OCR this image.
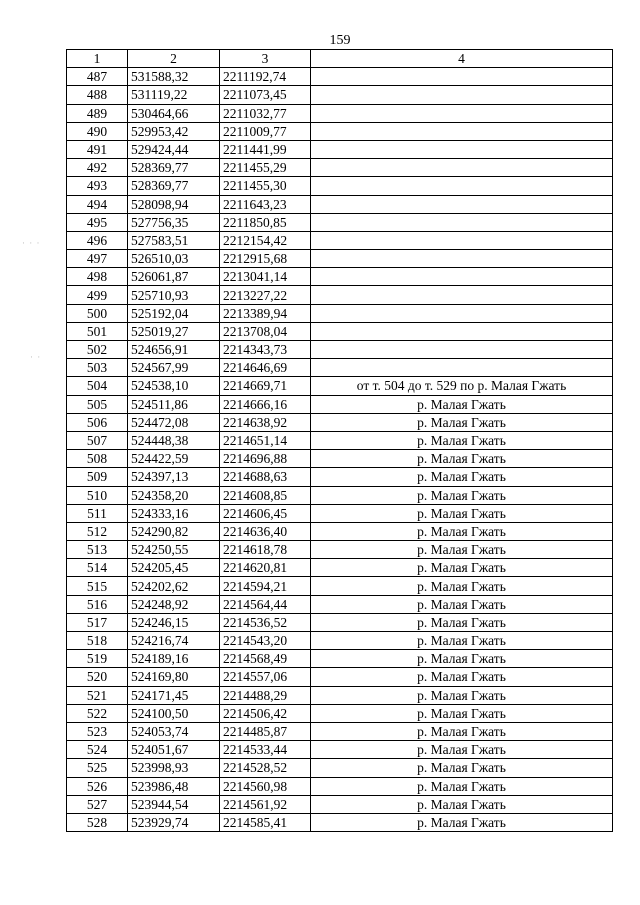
159
1	2	3	4
487	531588,32	2211192,74	
488	531119,22	2211073,45	
489	530464,66	2211032,77	
490	529953,42	2211009,77	
491	529424,44	2211441,99	
492	528369,77	2211455,29	
493	528369,77	2211455,30	
494	528098,94	2211643,23	
495	527756,35	2211850,85	
496	527583,51	2212154,42	
497	526510,03	2212915,68	
498	526061,87	2213041,14	
499	525710,93	2213227,22	
500	525192,04	2213389,94	
501	525019,27	2213708,04	
502	524656,91	2214343,73	
503	524567,99	2214646,69	
504	524538,10	2214669,71	от т. 504 до т. 529 по р. Малая Гжать
505	524511,86	2214666,16	р. Малая Гжать
506	524472,08	2214638,92	р. Малая Гжать
507	524448,38	2214651,14	р. Малая Гжать
508	524422,59	2214696,88	р. Малая Гжать
509	524397,13	2214688,63	р. Малая Гжать
510	524358,20	2214608,85	р. Малая Гжать
511	524333,16	2214606,45	р. Малая Гжать
512	524290,82	2214636,40	р. Малая Гжать
513	524250,55	2214618,78	р. Малая Гжать
514	524205,45	2214620,81	р. Малая Гжать
515	524202,62	2214594,21	р. Малая Гжать
516	524248,92	2214564,44	р. Малая Гжать
517	524246,15	2214536,52	р. Малая Гжать
518	524216,74	2214543,20	р. Малая Гжать
519	524189,16	2214568,49	р. Малая Гжать
520	524169,80	2214557,06	р. Малая Гжать
521	524171,45	2214488,29	р. Малая Гжать
522	524100,50	2214506,42	р. Малая Гжать
523	524053,74	2214485,87	р. Малая Гжать
524	524051,67	2214533,44	р. Малая Гжать
525	523998,93	2214528,52	р. Малая Гжать
526	523986,48	2214560,98	р. Малая Гжать
527	523944,54	2214561,92	р. Малая Гжать
528	523929,74	2214585,41	р. Малая Гжать
· · ·
· ·
